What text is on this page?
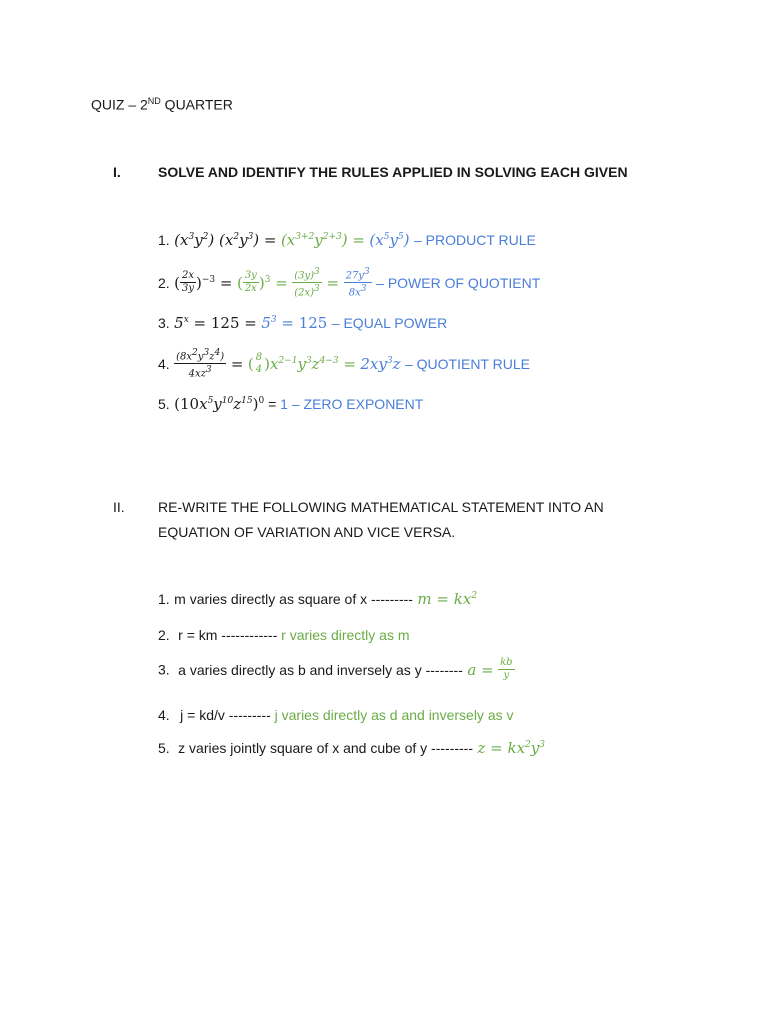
QUIZ – 2ND QUARTER
I.	SOLVE AND IDENTIFY THE RULES APPLIED IN SOLVING EACH GIVEN
1. $(x^3y^2) (x^2y^3) = (x^{3+2}y^{2+3}) = (x^5y^5)$ – PRODUCT RULE
2. ( $\frac{2x}{3y} )^{-3}$ = ( $\frac{3y}{2x} )^3 = \frac{(3y)^3}{(2x)^3} = \frac{27y^3}{8x^3}$ – POWER OF QUOTIENT
3. $5^x = 125 = 5^3 = 125$ – EQUAL POWER
4. $\frac{(8x^2y^3z^4)}{4xz^3}$ = ( 8
4 )$x^{2-1}y^3z^{4-3} = 2xy^3z$ – QUOTIENT RULE
5. $(10x^5y^{10}z^{15})^0 = 1$ – ZERO EXPONENT
II. RE-WRITE THE FOLLOWING MATHEMATICAL STATEMENT INTO AN
EQUATION OF VARIATION AND VICE VERSA.
1. m varies directly as square of x --------- $m = kx^2$
2. r = km ------------ r varies directly as m
3. a varies directly as b and inversely as y -------- $a = \frac{kb}{y}$
4. j = kd/v --------- j varies directly as d and inversely as v
5. z varies jointly square of x and cube of y --------- $z = kx^2y^3$
